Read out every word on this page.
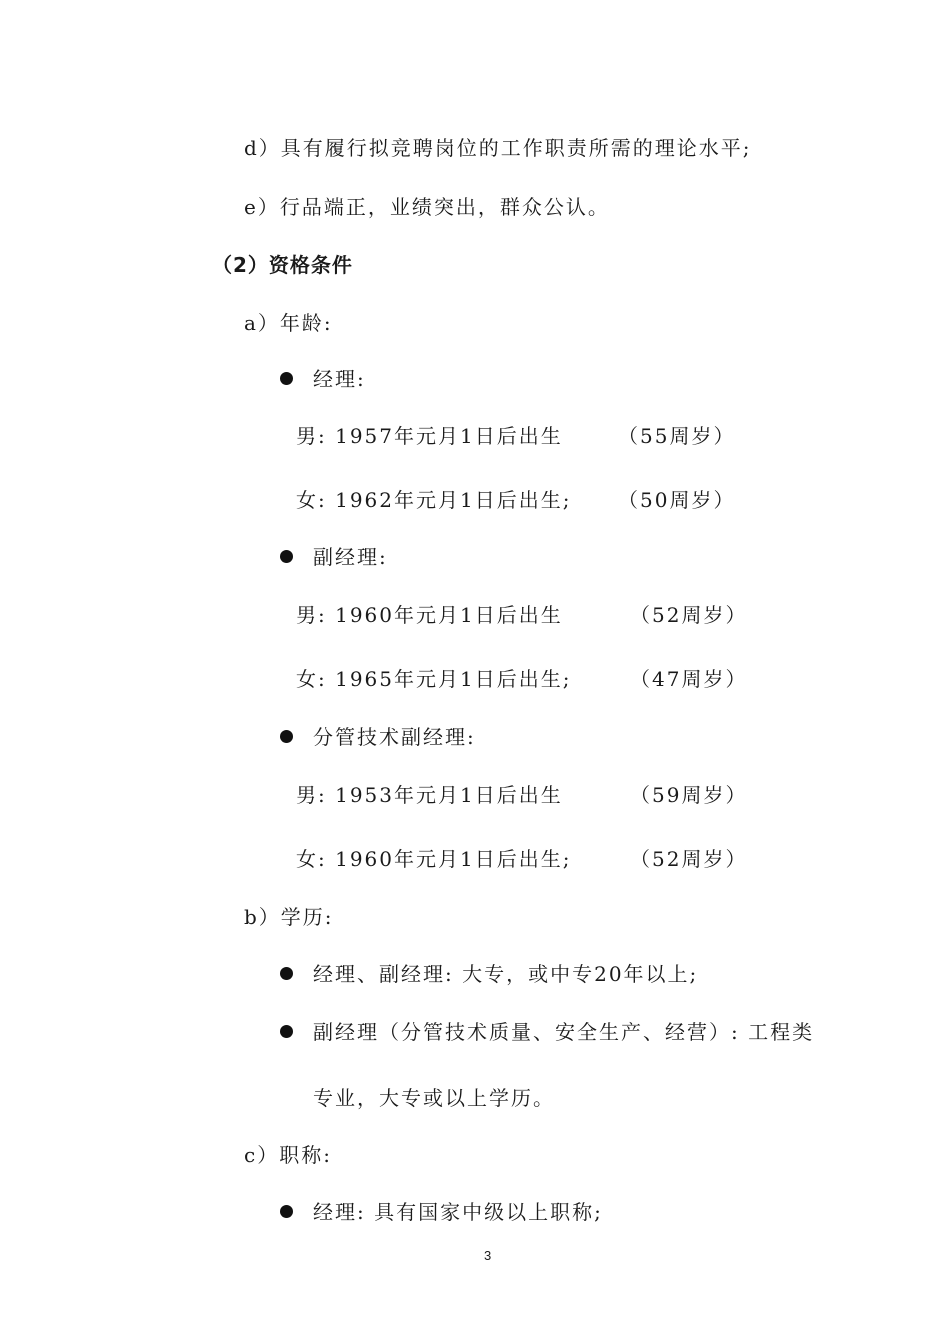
d）具有履行拟竞聘岗位的工作职责所需的理论水平;
e）行品端正，业绩突出，群众公认。
（2）资格条件
a）年龄:
经理:
男: 1957年元月1日后出生	（55周岁）
女: 1962年元月1日后出生; （50周岁）
副经理:
男: 1960年元月1日后出生	（52周岁）
女: 1965年元月1日后出生;	（47周岁）
分管技术副经理:
男: 1953年元月1日后出生	（59周岁）
女: 1960年元月1日后出生;	（52周岁）
b）学历:
经理、副经理: 大专，或中专20年以上;
副经理（分管技术质量、安全生产、经营）: 工程类
专业，大专或以上学历。
c）职称:
经理: 具有国家中级以上职称;
3
